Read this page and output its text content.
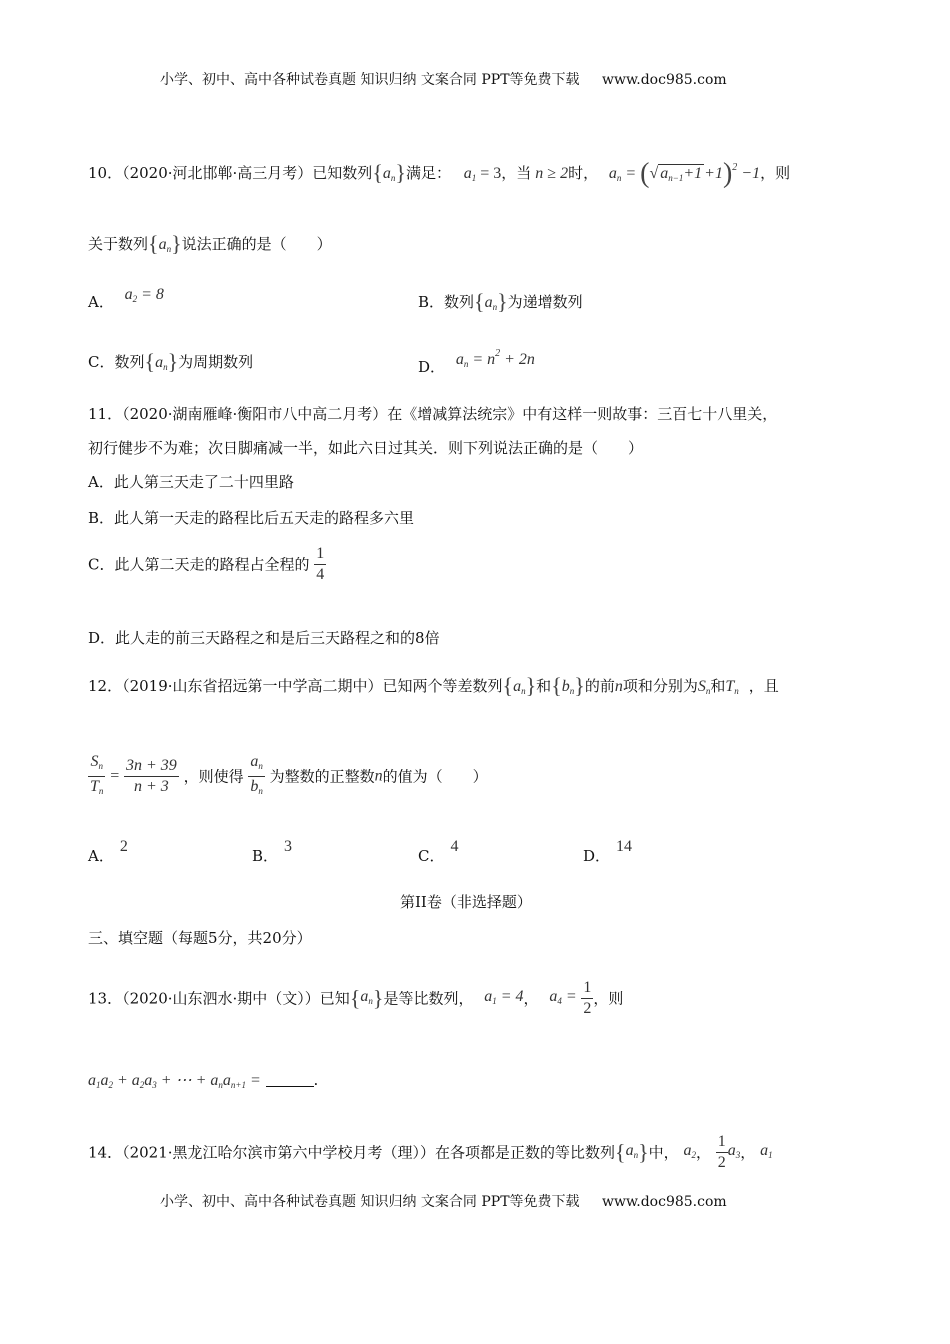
小学、初中、高中各种试卷真题 知识归纳 文案合同 PPT等免费下载 www.doc985.com
10．（2020·河北邯郸·高三月考）已知数列$\{a_n\}$满足： $a_1 = 3$，当 n ≥ 2时， $a_n$ = (√ $a_{n-1}+1 +1)^2 -1$，则
关于数列$\{a_n\}$说法正确的是（　　）
A． $a_2 = 8$	B．数列$\{a_n\}$为递增数列
C．数列$\{a_n\}$为周期数列	D． $a_n = n^2 + 2n$
11．（2020·湖南雁峰·衡阳市八中高二月考）在《增减算法统宗》中有这样一则故事：三百七十八里关，
初行健步不为难；次日脚痛减一半，如此六日过其关．则下列说法正确的是（　　）
A．此人第三天走了二十四里路
B．此人第一天走的路程比后五天走的路程多六里
C．此人第二天走的路程占全程的 $\frac{1}{4}$
D．此人走的前三天路程之和是后三天路程之和的8倍
12．（2019·山东省招远第一中学高二期中）已知两个等差数列$\{a_n\}$和$\{b_n\}$的前n项和分别为$S_n$和$T_n$ ，且
$\frac{S_n}{T_n} = \frac{3n + 39}{n + 3}$ ，则使得 $\frac{a_n}{b_n}$ 为整数的正整数n的值为（　　）
A．2
B．3
C．4
D．14
第II卷（非选择题）
三、填空题（每题5分，共20分）
13．（2020·山东泗水·期中（文））已知$\{a_n\}$是等比数列， $a_1 = 4$， $a_4 = \frac{1}{2}$ ，则
$a_1a_2 + a_2a_3$ + ⋯ + $a_na_{n+1}$ =	.
14．（2021·黑龙江哈尔滨市第六中学校月考（理））在各项都是正数的等比数列$\{a_n\}$中， $a_2$， $\frac{1}{2} a_3$， $a_1$
小学、初中、高中各种试卷真题 知识归纳 文案合同 PPT等免费下载 www.doc985.com
